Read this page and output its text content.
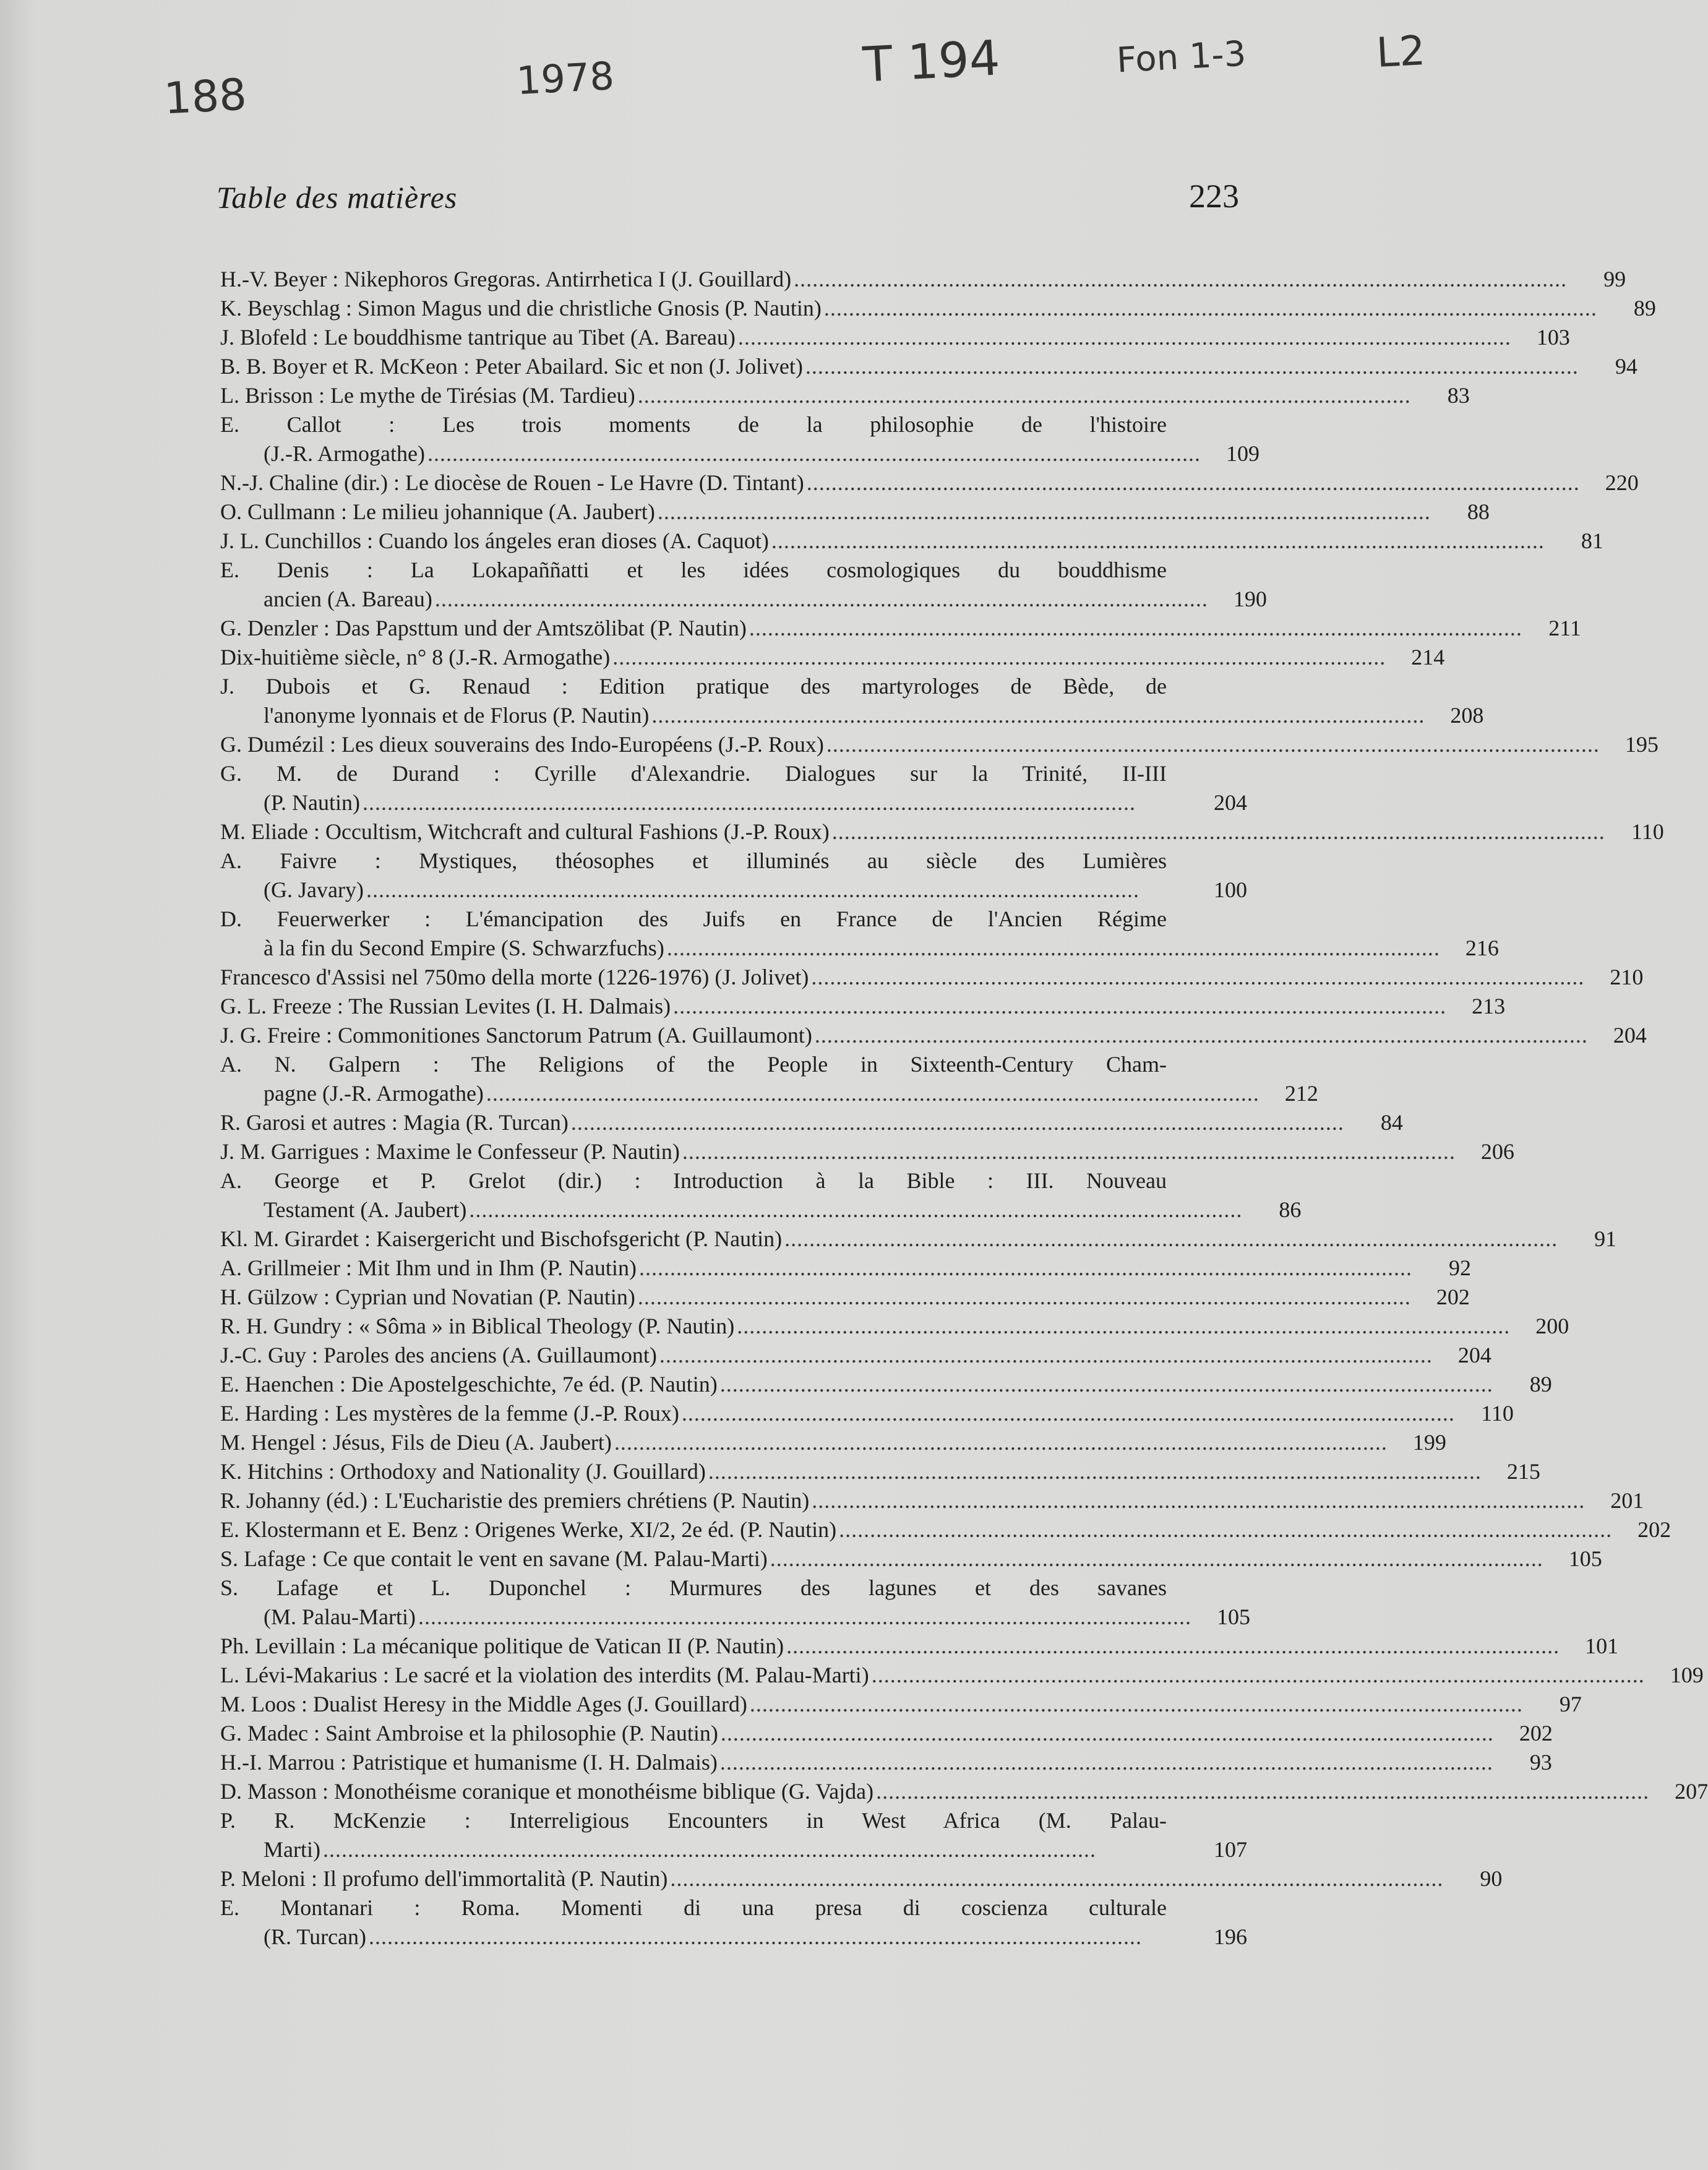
188	1978	T 194	Fon 1-3	L2
Table des matières	223
H.-V. Beyer : Nikephoros Gregoras. Antirrhetica I (J. Gouillard) . . .	99
K. Beyschlag : Simon Magus und die christliche Gnosis (P. Nautin) . . .	89
J. Blofeld : Le bouddhisme tantrique au Tibet (A. Bareau) . . .	103
B. B. Boyer et R. McKeon : Peter Abailard. Sic et non (J. Jolivet) . . .	94
L. Brisson : Le mythe de Tirésias (M. Tardieu) . . .	83
E. Callot : Les trois moments de la philosophie de l'histoire
(J.-R. Armogathe) . . .	109
N.-J. Chaline (dir.) : Le diocèse de Rouen - Le Havre (D. Tintant) . . .	220
O. Cullmann : Le milieu johannique (A. Jaubert) . . .	88
J. L. Cunchillos : Cuando los ángeles eran dioses (A. Caquot) . . .	81
E. Denis : La Lokapaññatti et les idées cosmologiques du bouddhisme
ancien (A. Bareau) . . .	190
G. Denzler : Das Papsttum und der Amtszölibat (P. Nautin) . . .	211
Dix-huitième siècle, n° 8 (J.-R. Armogathe) . . .	214
J. Dubois et G. Renaud : Edition pratique des martyrologes de Bède, de
l'anonyme lyonnais et de Florus (P. Nautin) . . .	208
G. Dumézil : Les dieux souverains des Indo-Européens (J.-P. Roux) . . .	195
G. M. de Durand : Cyrille d'Alexandrie. Dialogues sur la Trinité, II-III
(P. Nautin) . . .	204
M. Eliade : Occultism, Witchcraft and cultural Fashions (J.-P. Roux) . . .	110
A. Faivre : Mystiques, théosophes et illuminés au siècle des Lumières
(G. Javary) . . .	100
D. Feuerwerker : L'émancipation des Juifs en France de l'Ancien Régime
à la fin du Second Empire (S. Schwarzfuchs) . . .	216
Francesco d'Assisi nel 750mo della morte (1226-1976) (J. Jolivet) . . .	210
G. L. Freeze : The Russian Levites (I. H. Dalmais) . . .	213
J. G. Freire : Commonitiones Sanctorum Patrum (A. Guillaumont) . . .	204
A. N. Galpern : The Religions of the People in Sixteenth-Century Cham-
pagne (J.-R. Armogathe) . . .	212
R. Garosi et autres : Magia (R. Turcan) . . .	84
J. M. Garrigues : Maxime le Confesseur (P. Nautin) . . .	206
A. George et P. Grelot (dir.) : Introduction à la Bible : III. Nouveau
Testament (A. Jaubert) . . .	86
Kl. M. Girardet : Kaisergericht und Bischofsgericht (P. Nautin) . . .	91
A. Grillmeier : Mit Ihm und in Ihm (P. Nautin) . . .	92
H. Gülzow : Cyprian und Novatian (P. Nautin) . . .	202
R. H. Gundry : « Sôma » in Biblical Theology (P. Nautin) . . .	200
J.-C. Guy : Paroles des anciens (A. Guillaumont) . . .	204
E. Haenchen : Die Apostelgeschichte, 7e éd. (P. Nautin) . . .	89
E. Harding : Les mystères de la femme (J.-P. Roux) . . .	110
M. Hengel : Jésus, Fils de Dieu (A. Jaubert) . . .	199
K. Hitchins : Orthodoxy and Nationality (J. Gouillard) . . .	215
R. Johanny (éd.) : L'Eucharistie des premiers chrétiens (P. Nautin) . . .	201
E. Klostermann et E. Benz : Origenes Werke, XI/2, 2e éd. (P. Nautin) . . .	202
S. Lafage : Ce que contait le vent en savane (M. Palau-Marti) . . .	105
S. Lafage et L. Duponchel : Murmures des lagunes et des savanes
(M. Palau-Marti) . . .	105
Ph. Levillain : La mécanique politique de Vatican II (P. Nautin) . . .	101
L. Lévi-Makarius : Le sacré et la violation des interdits (M. Palau-Marti) . . .	109
M. Loos : Dualist Heresy in the Middle Ages (J. Gouillard) . . .	97
G. Madec : Saint Ambroise et la philosophie (P. Nautin) . . .	202
H.-I. Marrou : Patristique et humanisme (I. H. Dalmais) . . .	93
D. Masson : Monothéisme coranique et monothéisme biblique (G. Vajda) . . .	207
P. R. McKenzie : Interreligious Encounters in West Africa (M. Palau-
Marti) . . .	107
P. Meloni : Il profumo dell'immortalità (P. Nautin) . . .	90
E. Montanari : Roma. Momenti di una presa di coscienza culturale
(R. Turcan) . . .	196
